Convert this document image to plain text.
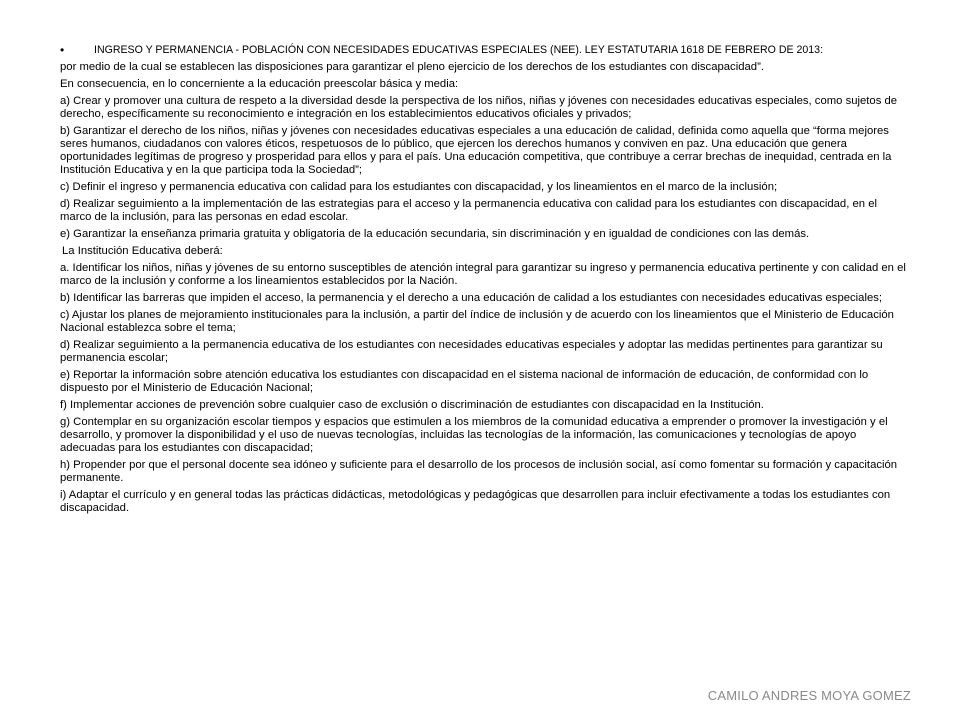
•	INGRESO Y PERMANENCIA - POBLACIÓN CON NECESIDADES EDUCATIVAS ESPECIALES (NEE). LEY ESTATUTARIA 1618 DE FEBRERO DE 2013:

por medio de la cual se establecen las disposiciones para garantizar el pleno ejercicio de los derechos de los estudiantes con discapacidad”.

En consecuencia, en lo concerniente a la educación preescolar básica y media:

a) Crear y promover una cultura de respeto a la diversidad desde la perspectiva de los niños, niñas y jóvenes con necesidades educativas especiales, como sujetos de derecho, específicamente su reconocimiento e integración en los establecimientos educativos oficiales y privados;

b) Garantizar el derecho de los niños, niñas y jóvenes con necesidades educativas especiales a una educación de calidad, definida como aquella que “forma mejores seres humanos, ciudadanos con valores éticos, respetuosos de lo público, que ejercen los derechos humanos y conviven en paz. Una educación que genera oportunidades legítimas de progreso y prosperidad para ellos y para el país. Una educación competitiva, que contribuye a cerrar brechas de inequidad, centrada en la Institución Educativa y en la que participa toda la Sociedad”;

c) Definir el ingreso y permanencia educativa con calidad para los estudiantes con discapacidad, y los lineamientos en el marco de la inclusión;

d) Realizar seguimiento a la implementación de las estrategias para el acceso y la permanencia educativa con calidad para los estudiantes con discapacidad, en el marco de la inclusión, para las personas en edad escolar.

e) Garantizar la enseñanza primaria gratuita y obligatoria de la educación secundaria, sin discriminación y en igualdad de condiciones con las demás.

La Institución Educativa deberá:

a. Identificar los niños, niñas y jóvenes de su entorno susceptibles de atención integral para garantizar su ingreso y permanencia educativa pertinente y con calidad en el marco de la inclusión y conforme a los lineamientos establecidos por la Nación.

b) Identificar las barreras que impiden el acceso, la permanencia y el derecho a una educación de calidad a los estudiantes con necesidades educativas especiales;

c) Ajustar los planes de mejoramiento institucionales para la inclusión, a partir del índice de inclusión y de acuerdo con los lineamientos que el Ministerio de Educación Nacional establezca sobre el tema;

d) Realizar seguimiento a la permanencia educativa de los estudiantes con necesidades educativas especiales y adoptar las medidas pertinentes para garantizar su permanencia escolar;

e) Reportar la información sobre atención educativa los estudiantes con discapacidad en el sistema nacional de información de educación, de conformidad con lo dispuesto por el Ministerio de Educación Nacional;

f) Implementar acciones de prevención sobre cualquier caso de exclusión o discriminación de estudiantes con discapacidad en la Institución.

g) Contemplar en su organización escolar tiempos y espacios que estimulen a los miembros de la comunidad educativa a emprender o promover la investigación y el desarrollo, y promover la disponibilidad y el uso de nuevas tecnologías, incluidas las tecnologías de la información, las comunicaciones y tecnologías de apoyo adecuadas para los estudiantes con discapacidad;

h) Propender por que el personal docente sea idóneo y suficiente para el desarrollo de los procesos de inclusión social, así como fomentar su formación y capacitación permanente.

i) Adaptar el currículo y en general todas las prácticas didácticas, metodológicas y pedagógicas que desarrollen para incluir efectivamente a todas los estudiantes con discapacidad.

CAMILO ANDRES MOYA GOMEZ
